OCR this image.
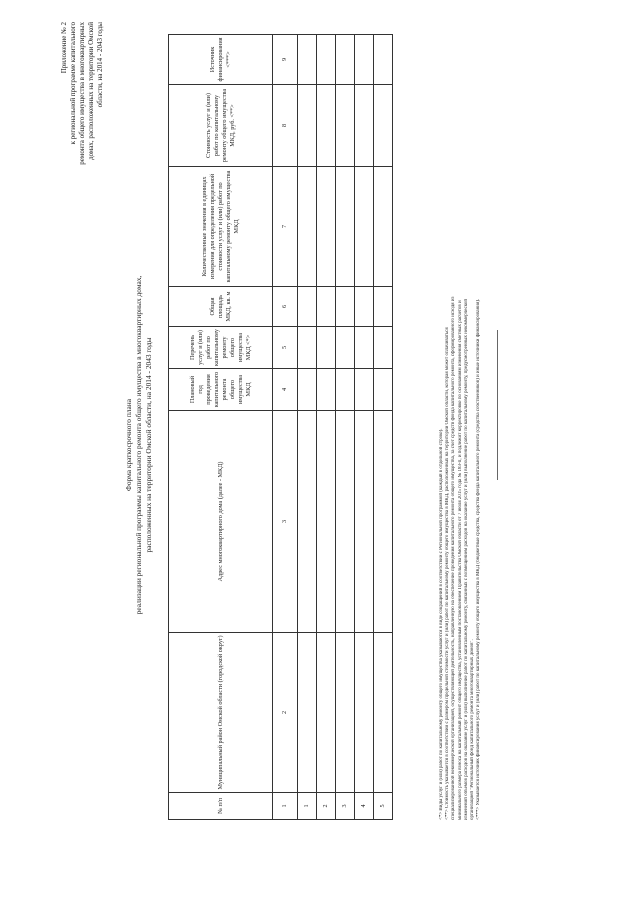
Приложение № 2 к региональной программе капитального ремонта общего имущества в многоквартирных домах, расположенных на территории Омской области, на 2014 - 2043 годы
Форма краткосрочного плана реализации региональной программы капитального ремонта общего имущества в многоквартирных домах, расположенных на территории Омской области, на 2014 - 2043 годы
№ п/п	Муниципальный район Омской области (городской округ)	Адрес многоквартирного дома (далее - МКД)	Плановый год проведения капитального ремонта общего имущества МКД	Перечень услуг и (или) работ по капитальному ремонту общего имущества МКД <*>	Общая площадь МКД, кв. м	Количественные значения в единицах измерения для определения предельной стоимости услуг и (или) работ по капитальному ремонту общего имущества МКД	Стоимость услуг и (или) работ по капитальному ремонту общего имущества МКД, руб. <**>	Источник финансирования <***>
1	2	3	4	5	6	7	8	9
1								
2								
3								
4								
5									<*> Виды услуг и (или) работ по капитальному ремонту общего имущества указываются в виде сокращений в соответствии с Региональной программой (каждый в отдельной строке). <**> Стоимость указывается в соответствии с размером предельной стоимости услуг и (или) работ по капитальному ремонту общего имущества в МКД, расположенных на территории Омской области, которая может оплачиваться специализированной некоммерческой организацией, осуществляющей деятельность, направленную на обеспечение проведения капитального ремонта общего имущества, за счет средств фонда капитального ремонта, сформированного исходя из минимального размера взноса на капитальный ремонт общего имущества, установленным постановлением Правительства Омской области от 7 июля 2015 года № 183-п, и подлежит корректировке по основаниям изменения сметных расчетов и изменений объемов расходов на оказание услуг и (или) выполнение работ по капитальному ремонту, связанных с возмещением расходов на оказание услуг и (или) выполнение работ по капитальному ремонту, предусмотренных некоммерческой организацией "Региональный фонд капитального ремонта многоквартирных домов". <***> Указывается источник финансирования услуг и (или) работ по капитальному ремонту общего имущества в МКД (бюджетные средства, средства фонда капитального ремонта (средства собственников) и иные источники финансирования).
